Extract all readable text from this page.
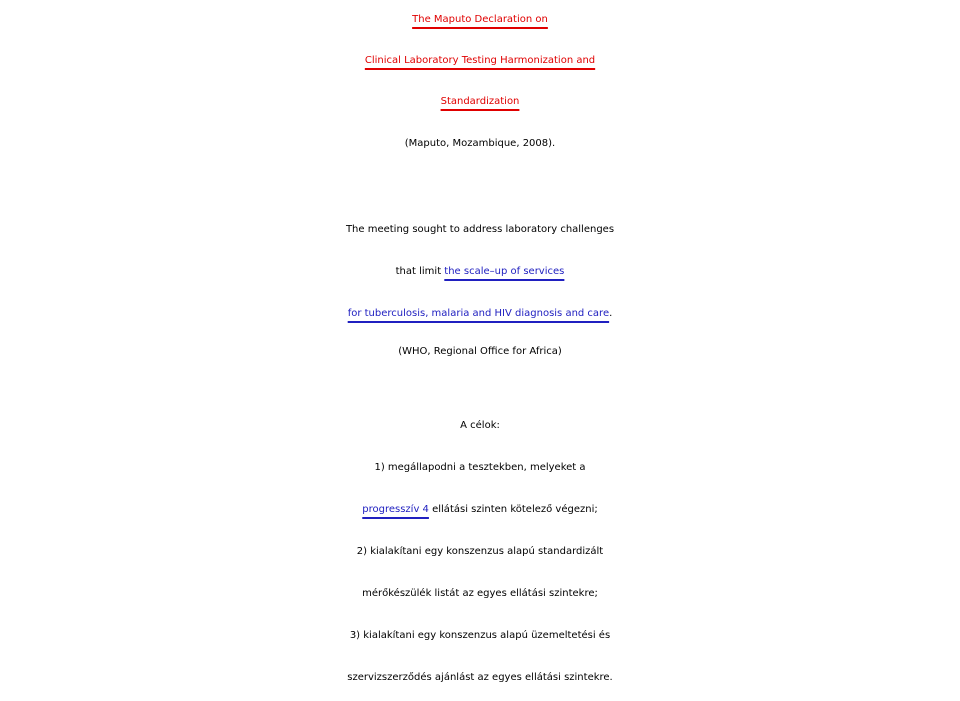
The Maputo Declaration on
Clinical Laboratory Testing Harmonization and
Standardization
(Maputo, Mozambique, 2008).
The meeting sought to address laboratory challenges
that limit the scale–up of services
for tuberculosis, malaria and HIV diagnosis and care.
(WHO, Regional Office for Africa)
A célok:
1) megállapodni a tesztekben, melyeket a
progresszív 4 ellátási szinten kötelező végezni;
2) kialakítani egy konszenzus alapú standardizált
mérőkészülék listát az egyes ellátási szintekre;
3) kialakítani egy konszenzus alapú üzemeltetési és
szervizszerződés ajánlást az egyes ellátási szintekre.
